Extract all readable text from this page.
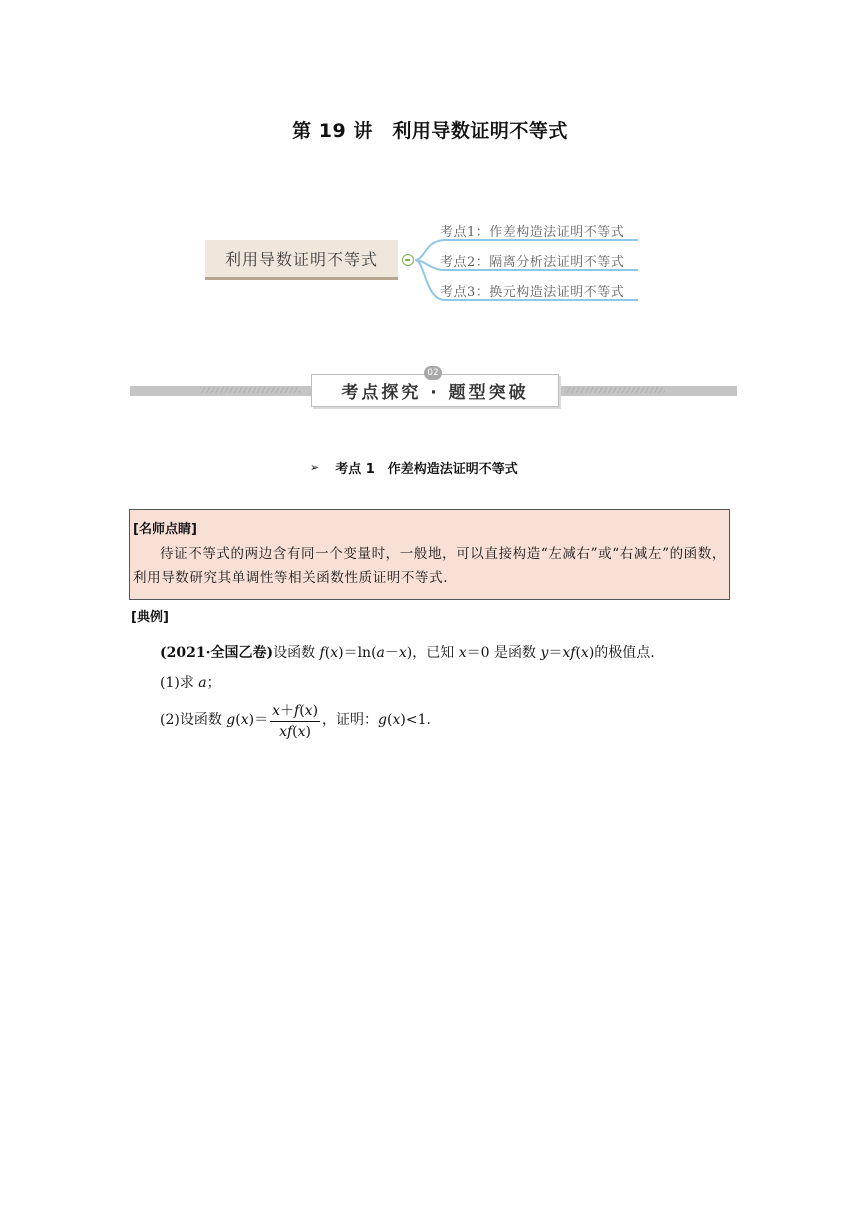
第 19 讲　利用导数证明不等式
利用导数证明不等式
考点1：作差构造法证明不等式
考点2：隔离分析法证明不等式
考点3：换元构造法证明不等式
02
考点探究 · 题型突破
➢ 考点 1　作差构造法证明不等式
[名师点睛]
待证不等式的两边含有同一个变量时，一般地，可以直接构造“左减右”或“右减左”的函数，利用导数研究其单调性等相关函数性质证明不等式.
[典例]
(2021·全国乙卷)设函数 f(x)＝ln(a－x)，已知 x＝0 是函数 y＝xf(x)的极值点.
(1)求 a；
(2)设函数 $g(x)= \frac{x+f(x)}{xf(x)}$ ，证明：g(x)<1.
